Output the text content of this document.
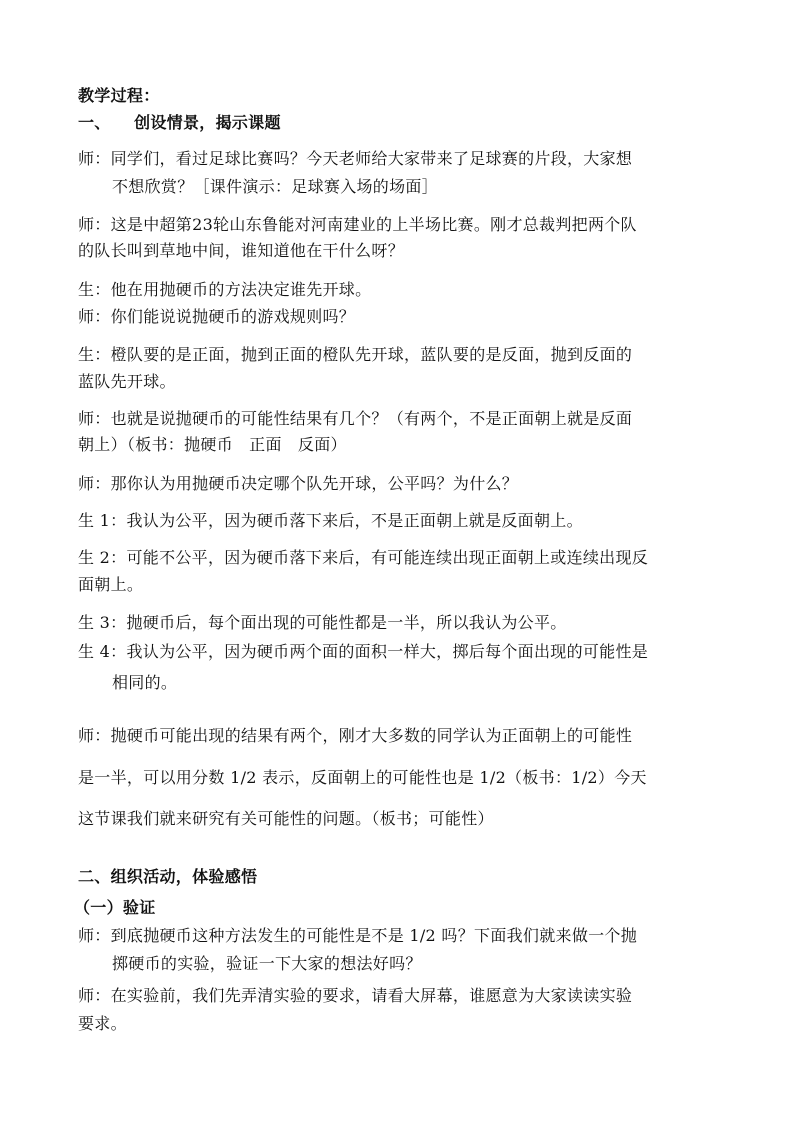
教学过程：
一、    创设情景，揭示课题
师：同学们，看过足球比赛吗？今天老师给大家带来了足球赛的片段，大家想
不想欣赏？［课件演示：足球赛入场的场面］
师：这是中超第23轮山东鲁能对河南建业的上半场比赛。刚才总裁判把两个队
的队长叫到草地中间，谁知道他在干什么呀？
生：他在用抛硬币的方法决定谁先开球。
师：你们能说说抛硬币的游戏规则吗？
生：橙队要的是正面，抛到正面的橙队先开球，蓝队要的是反面，抛到反面的
蓝队先开球。
师：也就是说抛硬币的可能性结果有几个？（有两个，不是正面朝上就是反面
朝上）（板书：抛硬币   正面   反面）
师：那你认为用抛硬币决定哪个队先开球，公平吗？为什么？
生 1：我认为公平，因为硬币落下来后，不是正面朝上就是反面朝上。
生 2：可能不公平，因为硬币落下来后，有可能连续出现正面朝上或连续出现反
面朝上。
生 3：抛硬币后，每个面出现的可能性都是一半，所以我认为公平。
生 4：我认为公平，因为硬币两个面的面积一样大，掷后每个面出现的可能性是
相同的。
师：抛硬币可能出现的结果有两个，刚才大多数的同学认为正面朝上的可能性
是一半，可以用分数 1/2 表示，反面朝上的可能性也是 1/2（板书：1/2）今天
这节课我们就来研究有关可能性的问题。（板书；可能性）
二、组织活动，体验感悟
（一）验证
师：到底抛硬币这种方法发生的可能性是不是 1/2 吗？下面我们就来做一个抛
掷硬币的实验，验证一下大家的想法好吗？
师：在实验前，我们先弄清实验的要求，请看大屏幕，谁愿意为大家读读实验
要求。
